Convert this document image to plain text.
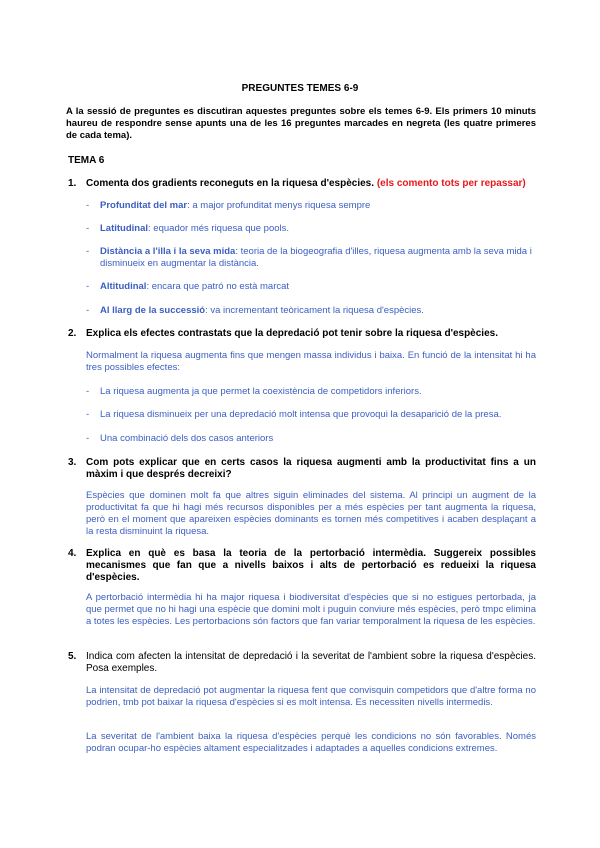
PREGUNTES TEMES 6-9
A la sessió de preguntes es discutiran aquestes preguntes sobre els temes 6-9. Els primers 10 minuts haureu de respondre sense apunts una de les 16 preguntes marcades en negreta (les quatre primeres de cada tema).
TEMA 6
1. Comenta dos gradients reconeguts en la riquesa d'espècies. (els comento tots per repassar)
- Profunditat del mar: a major profunditat menys riquesa sempre
- Latitudinal: equador més riquesa que pools.
- Distància a l'illa i la seva mida: teoria de la biogeografia d'illes, riquesa augmenta amb la seva mida i disminueix en augmentar la distància.
- Altitudinal: encara que patró no està marcat
- Al llarg de la successió: va incrementant teòricament la riquesa d'espècies.
2. Explica els efectes contrastats que la depredació pot tenir sobre la riquesa d'espècies.
Normalment la riquesa augmenta fins que mengen massa individus i baixa. En funció de la intensitat hi ha tres possibles efectes:
- La riquesa augmenta ja que permet la coexistència de competidors inferiors.
- La riquesa disminueix per una depredació molt intensa que provoqui la desaparició de la presa.
- Una combinació dels dos casos anteriors
3. Com pots explicar que en certs casos la riquesa augmenti amb la productivitat fins a un màxim i que després decreixi?
Espècies que dominen molt fa que altres siguin eliminades del sistema. Al principi un augment de la productivitat fa que hi hagi més recursos disponibles per a més espècies per tant augmenta la riquesa, però en el moment que apareixen espècies dominants es tornen més competitives i acaben desplaçant a la resta disminuint la riquesa.
4. Explica en què es basa la teoria de la pertorbació intermèdia. Suggereix possibles mecanismes que fan que a nivells baixos i alts de pertorbació es redueixi la riquesa d'espècies.
A pertorbació intermèdia hi ha major riquesa i biodiversitat d'espècies que si no estigues pertorbada, ja que permet que no hi hagi una espècie que domini molt i puguin conviure més espècies, però tmpc elimina a totes les espècies. Les pertorbacions són factors que fan variar temporalment la riquesa de les espècies.
5. Indica com afecten la intensitat de depredació i la severitat de l'ambient sobre la riquesa d'espècies. Posa exemples.
La intensitat de depredació pot augmentar la riquesa fent que convisquin competidors que d'altre forma no podrien, tmb pot baixar la riquesa d'espècies si es molt intensa. Es necessiten nivells intermedis.
La severitat de l'ambient baixa la riquesa d'espècies perquè les condicions no són favorables. Només podran ocupar-ho espècies altament especialitzades i adaptades a aquelles condicions extremes.
